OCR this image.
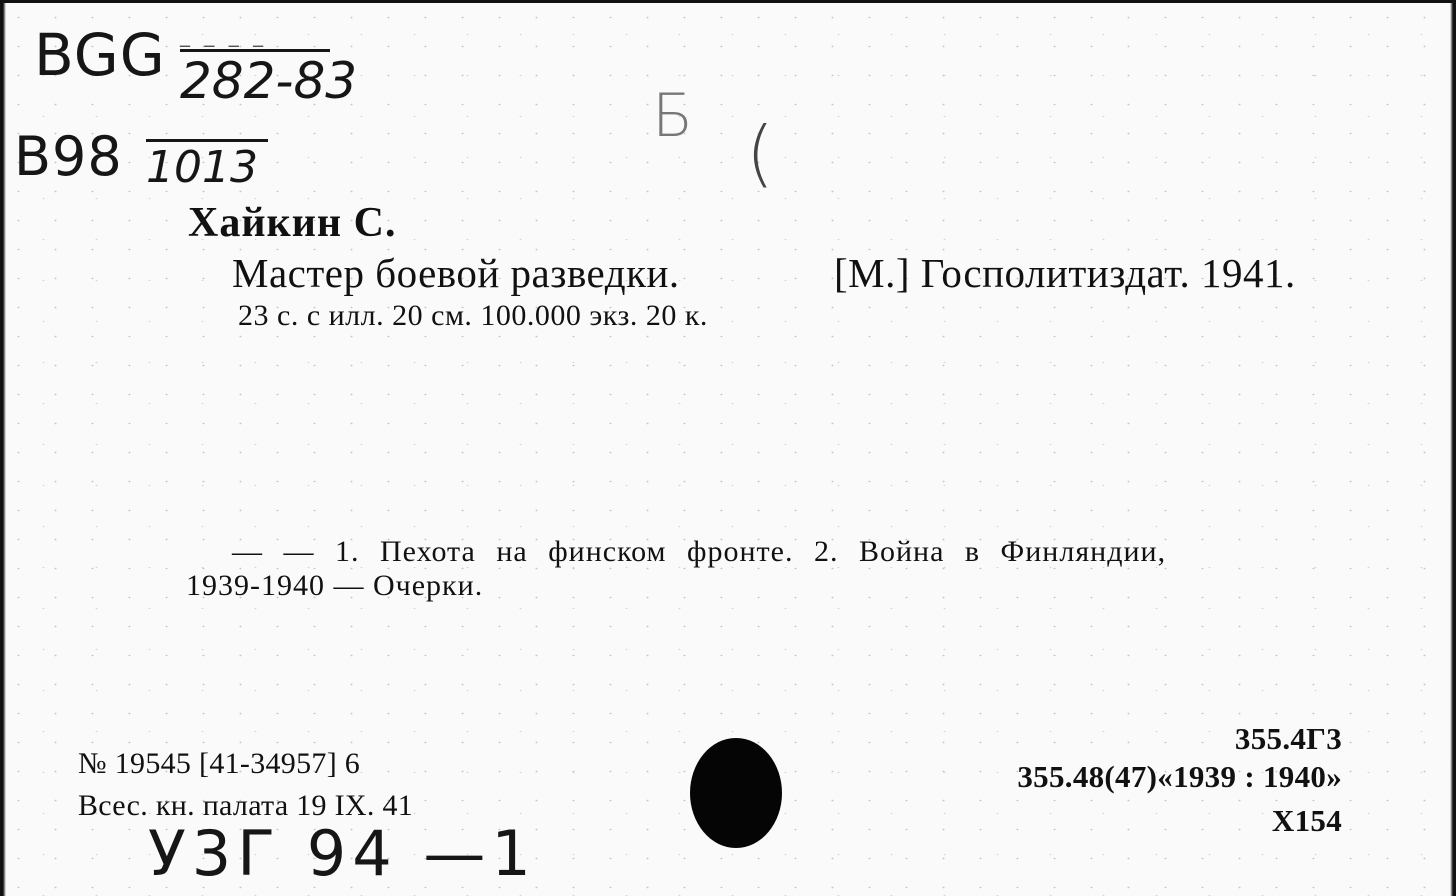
BGG _ _ _ _
282-83
B98 1013
Б (
Хайкин С.
Мастер боевой разведки.	[М.] Госполитиздат. 1941.
23 с. с илл. 20 см. 100.000 экз. 20 к.
— — 1. Пехота на финском фронте. 2. Война в Финляндии,
1939-1940 — Очерки.
№ 19545 [41-34957] 6
Всес. кн. палата 19 IX. 41
У3Г 94 —1
355.4Г3
355.48(47)«1939 : 1940»
Х154
